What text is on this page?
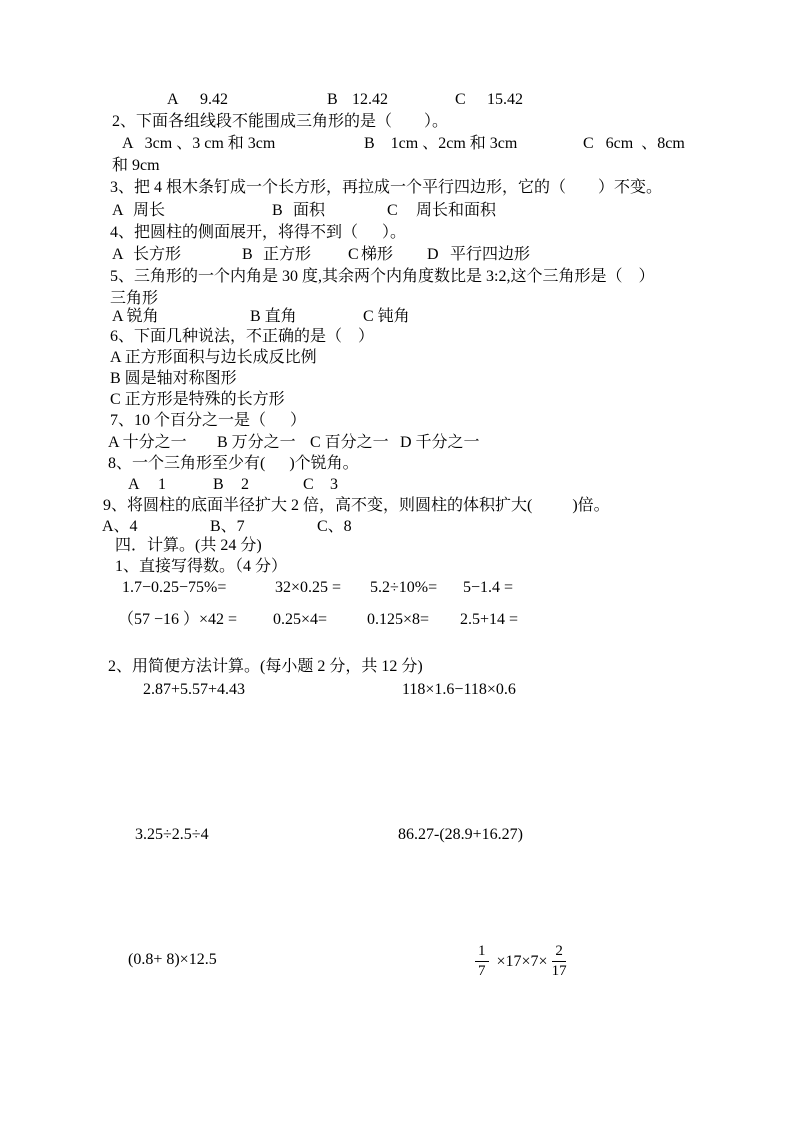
A 9.42	B 12.42	C 15.42
2、下面各组线段不能围成三角形的是（        ）。
A   3cm 、3 cm 和 3cm	B    1cm 、2cm 和 3cm	C   6cm  、8cm
和 9cm
3、把 4 根木条钉成一个长方形，再拉成一个平行四边形，它的（        ）不变。
A 周长	B 面积	C 周长和面积
4、把圆柱的侧面展开，将得不到（      ）。
A 长方形	B 正方形 C 梯形 D 平行四边形
5、三角形的一个内角是 30 度,其余两个内角度数比是 3:2,这个三角形是（    ）
三角形
A 锐角	B 直角	C 钝角
6、下面几种说法，不正确的是（    ）
A 正方形面积与边长成反比例
B 圆是轴对称图形
C 正方形是特殊的长方形
7、10 个百分之一是（      ）
A 十分之一 B 万分之一 C 百分之一 D 千分之一
8、一个三角形至少有(      )个锐角。
A 1	B 2	C 3
9、将圆柱的底面半径扩大 2 倍，高不变，则圆柱的体积扩大(          )倍。
A、4	B、7	C、8
四．计算。(共 24 分)
1、直接写得数。（4 分）
1.7−0.25−75%=	32×0.25 = 5.2÷10%= 5−1.4 =
（57 −16 ）×42 = 0.25×4= 0.125×8= 2.5+14 =
2、用简便方法计算。(每小题 2 分，共 12 分)
2.87+5.57+4.43	118×1.6−118×0.6
3.25÷2.5÷4	86.27-(28.9+16.27)
(0.8+ 8)×12.5	$\frac{1}{7} \times 17\times 7\times \frac{2}{17}$
